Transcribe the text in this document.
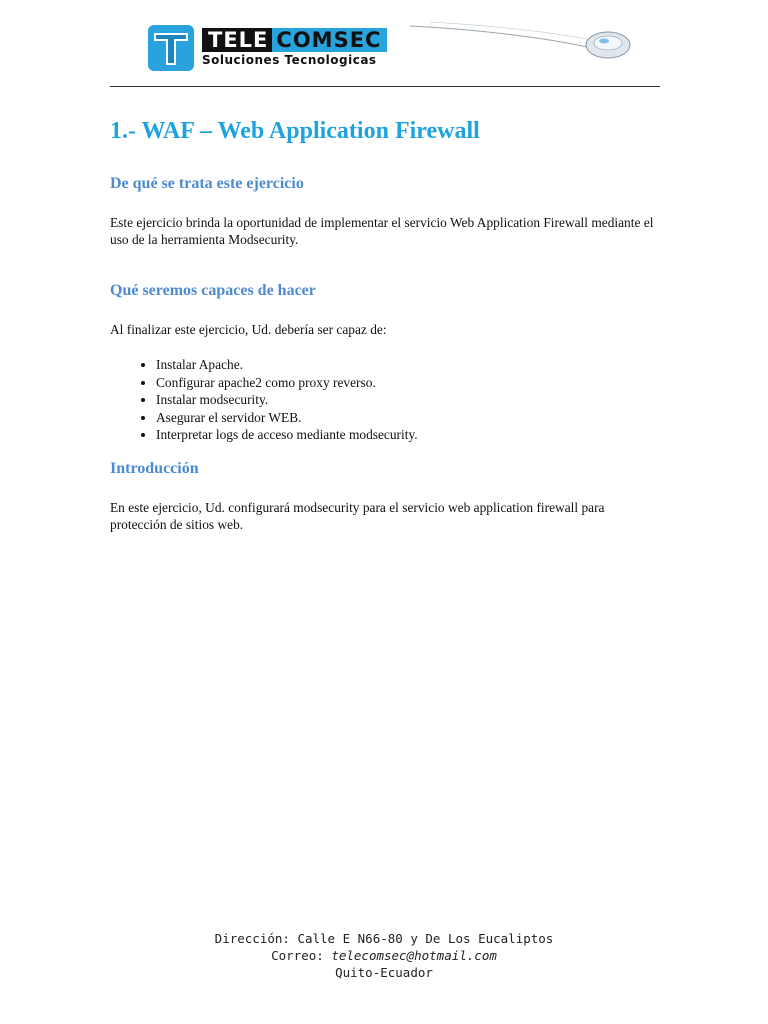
TELE COMSEC
Soluciones Tecnologicas
1.- WAF – Web Application Firewall
De qué se trata este ejercicio

Este ejercicio brinda la oportunidad de implementar el servicio Web Application Firewall mediante el uso de la herramienta Modsecurity.

Qué seremos capaces de hacer

Al finalizar este ejercicio, Ud. debería ser capaz de:

• Instalar Apache.
• Configurar apache2 como proxy reverso.
• Instalar modsecurity.
• Asegurar el servidor WEB.
• Interpretar logs de acceso mediante modsecurity.
Introducción

En este ejercicio, Ud. configurará modsecurity para el servicio web application firewall para protección de sitios web.

Dirección: Calle E N66-80 y De Los Eucaliptos
Correo: telecomsec@hotmail.com
Quito-Ecuador
